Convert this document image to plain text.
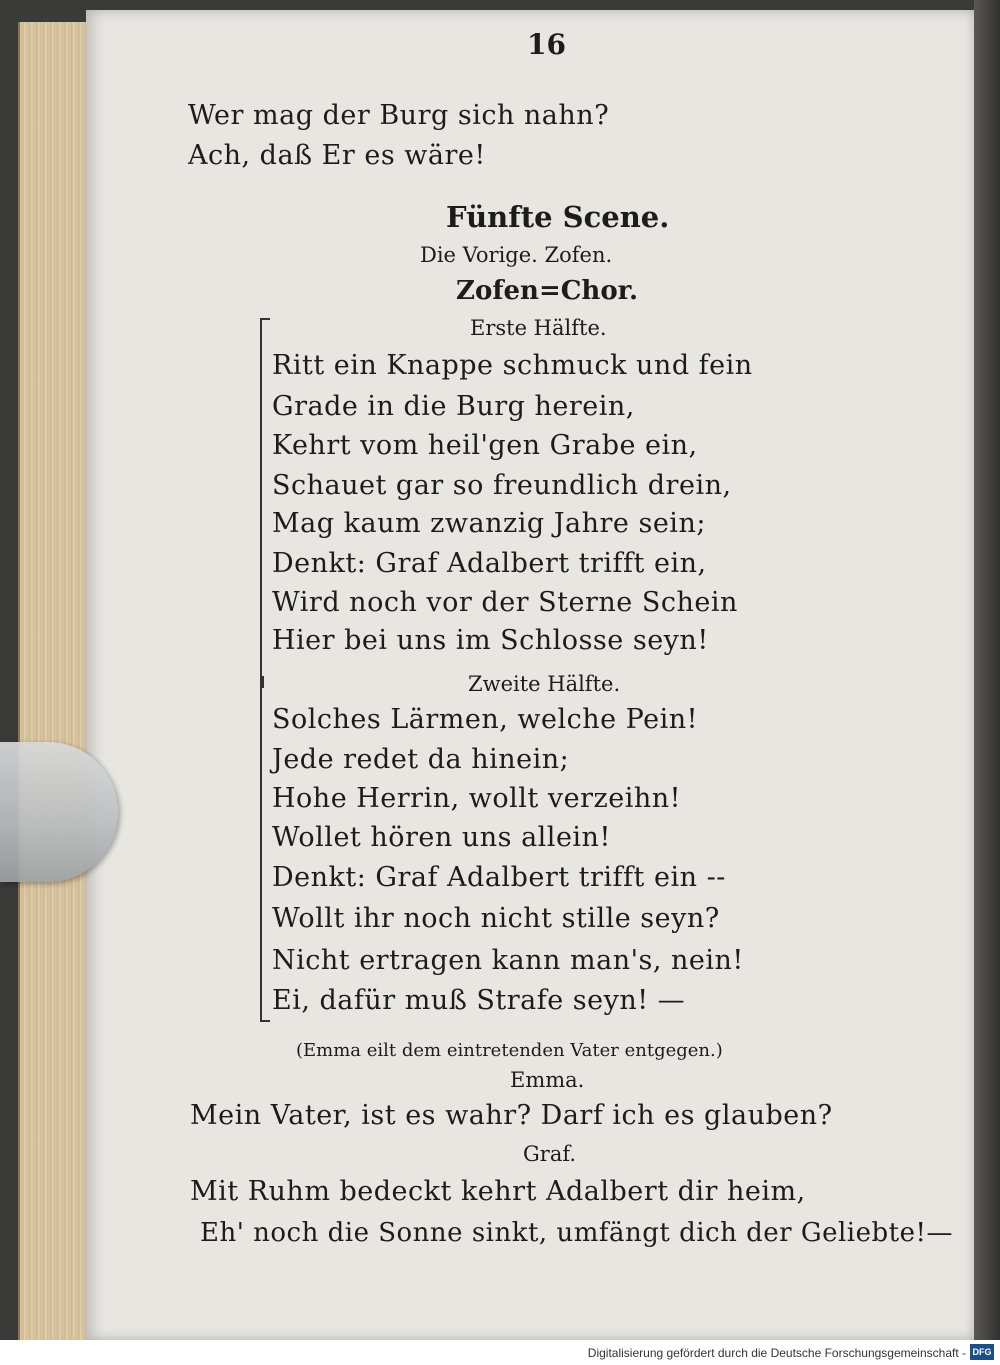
16
Wer mag der Burg sich nahn?
Ach, daß Er es wäre!
Fünfte Scene.
Die Vorige. Zofen.
Zofen=Chor.
Erste Hälfte.
Ritt ein Knappe schmuck und fein
Grade in die Burg herein,
Kehrt vom heil'gen Grabe ein,
Schauet gar so freundlich drein,
Mag kaum zwanzig Jahre sein;
Denkt: Graf Adalbert trifft ein,
Wird noch vor der Sterne Schein
Hier bei uns im Schlosse seyn!
Zweite Hälfte.
Solches Lärmen, welche Pein!
Jede redet da hinein;
Hohe Herrin, wollt verzeihn!
Wollet hören uns allein!
Denkt: Graf Adalbert trifft ein --
Wollt ihr noch nicht stille seyn?
Nicht ertragen kann man's, nein!
Ei, dafür muß Strafe seyn! —
(Emma eilt dem eintretenden Vater entgegen.)
Emma.
Mein Vater, ist es wahr? Darf ich es glauben?
Graf.
Mit Ruhm bedeckt kehrt Adalbert dir heim,
Eh' noch die Sonne sinkt, umfängt dich der Geliebte!—
Digitalisierung gefördert durch die Deutsche Forschungsgemeinschaft - DFG
